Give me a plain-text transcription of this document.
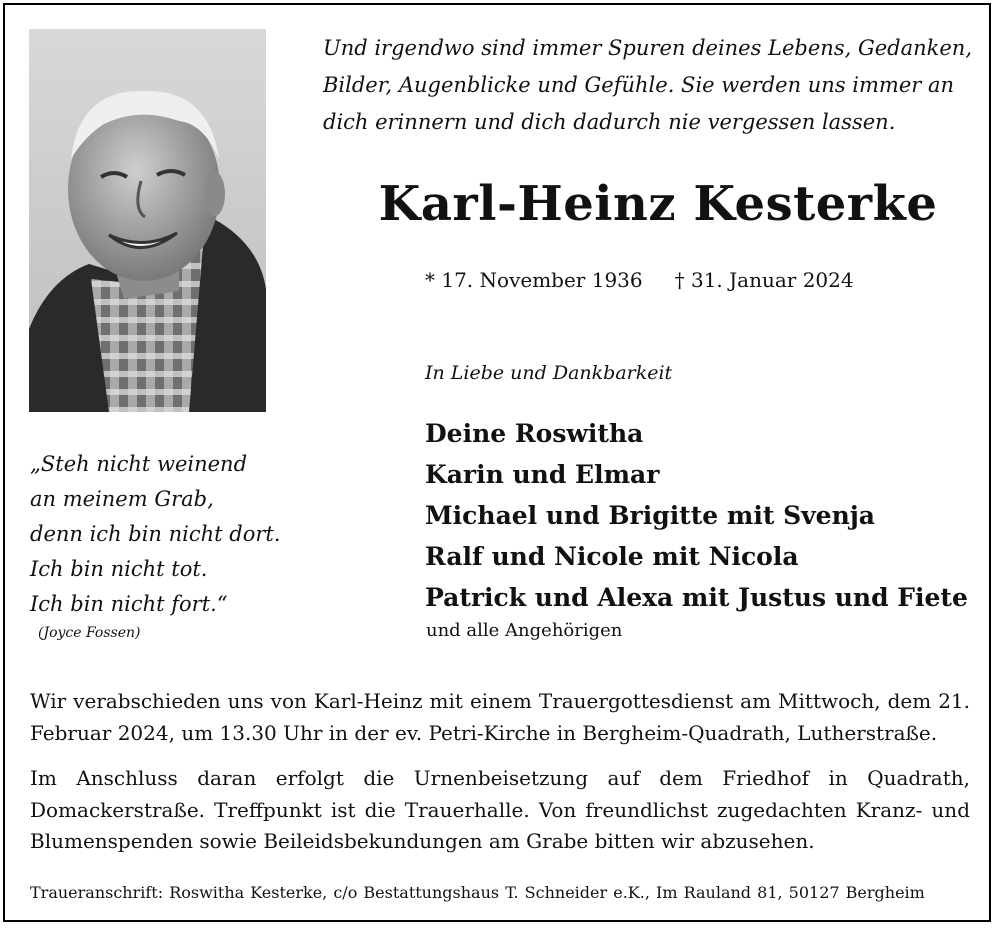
Und irgendwo sind immer Spuren deines Lebens, Gedanken,
Bilder, Augenblicke und Gefühle. Sie werden uns immer an
dich erinnern und dich dadurch nie vergessen lassen.
Karl-Heinz Kesterke
* 17. November 1936 † 31. Januar 2024
In Liebe und Dankbarkeit
Deine Roswitha
Karin und Elmar
Michael und Brigitte mit Svenja
Ralf und Nicole mit Nicola
Patrick und Alexa mit Justus und Fiete
und alle Angehörigen
„Steh nicht weinend
an meinem Grab,
denn ich bin nicht dort.
Ich bin nicht tot.
Ich bin nicht fort.“
(Joyce Fossen)
Wir verabschieden uns von Karl-Heinz mit einem Trauergottesdienst am Mittwoch, dem 21. Februar 2024, um 13.30 Uhr in der ev. Petri-Kirche in Bergheim-Quadrath, Lutherstraße.
Im Anschluss daran erfolgt die Urnenbeisetzung auf dem Friedhof in Quadrath, Domackerstraße. Treffpunkt ist die Trauerhalle. Von freundlichst zugedachten Kranz- und Blumenspenden sowie Beileidsbekundungen am Grabe bitten wir abzusehen.
Traueranschrift: Roswitha Kesterke, c/o Bestattungshaus T. Schneider e.K., Im Rauland 81, 50127 Bergheim
